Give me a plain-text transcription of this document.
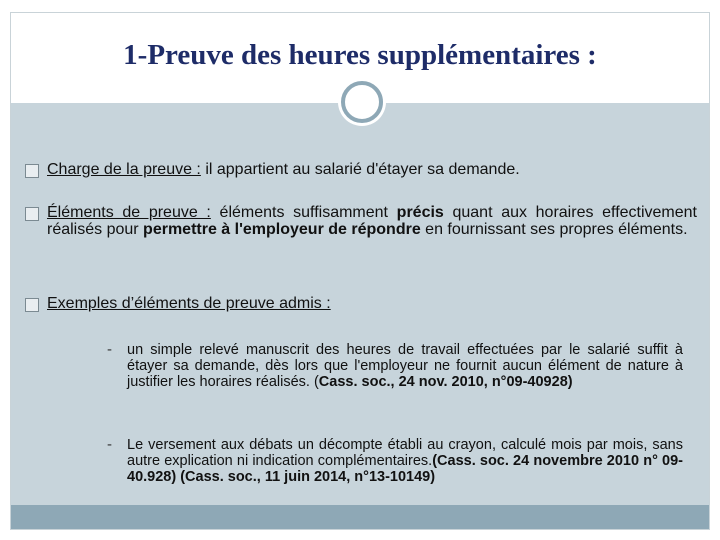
1-Preuve des heures supplémentaires :
Charge de la preuve : il appartient au salarié d'étayer sa demande.
Éléments de preuve : éléments suffisamment précis quant aux horaires effectivement réalisés pour permettre à l'employeur de répondre en fournissant ses propres éléments.
Exemples d’éléments de preuve admis :
-	un simple relevé manuscrit des heures de travail effectuées par le salarié suffit à étayer sa demande, dès lors que l'employeur ne fournit aucun élément de nature à justifier les horaires réalisés. (Cass. soc., 24 nov. 2010, n°09-40928)
-	Le versement aux débats un décompte établi au crayon, calculé mois par mois, sans autre explication ni indication complémentaires.(Cass. soc. 24 novembre 2010 n° 09-40.928) (Cass. soc., 11 juin 2014, n°13-10149)
